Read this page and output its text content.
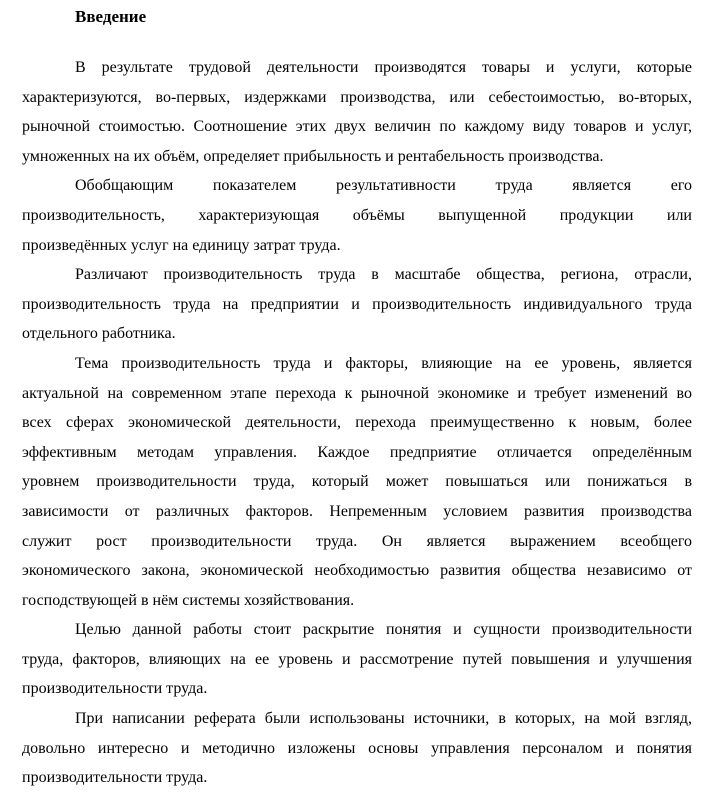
Введение
В результате трудовой деятельности производятся товары и услуги, которые
характеризуются, во-первых, издержками производства, или себестоимостью, во-вторых,
рыночной стоимостью. Соотношение этих двух величин по каждому виду товаров и услуг,
умноженных на их объём, определяет прибыльность и рентабельность производства.
Обобщающим показателем результативности труда является его
производительность, характеризующая объёмы выпущенной продукции или
произведённых услуг на единицу затрат труда.
Различают производительность труда в масштабе общества, региона, отрасли,
производительность труда на предприятии и производительность индивидуального труда
отдельного работника.
Тема производительность труда и факторы, влияющие на ее уровень, является
актуальной на современном этапе перехода к рыночной экономике и требует изменений во
всех сферах экономической деятельности, перехода преимущественно к новым, более
эффективным методам управления. Каждое предприятие отличается определённым
уровнем производительности труда, который может повышаться или понижаться в
зависимости от различных факторов. Непременным условием развития производства
служит рост производительности труда. Он является выражением всеобщего
экономического закона, экономической необходимостью развития общества независимо от
господствующей в нём системы хозяйствования.
Целью данной работы стоит раскрытие понятия и сущности производительности
труда, факторов, влияющих на ее уровень и рассмотрение путей повышения и улучшения
производительности труда.
При написании реферата были использованы источники, в которых, на мой взгляд,
довольно интересно и методично изложены основы управления персоналом и понятия
производительности труда.
